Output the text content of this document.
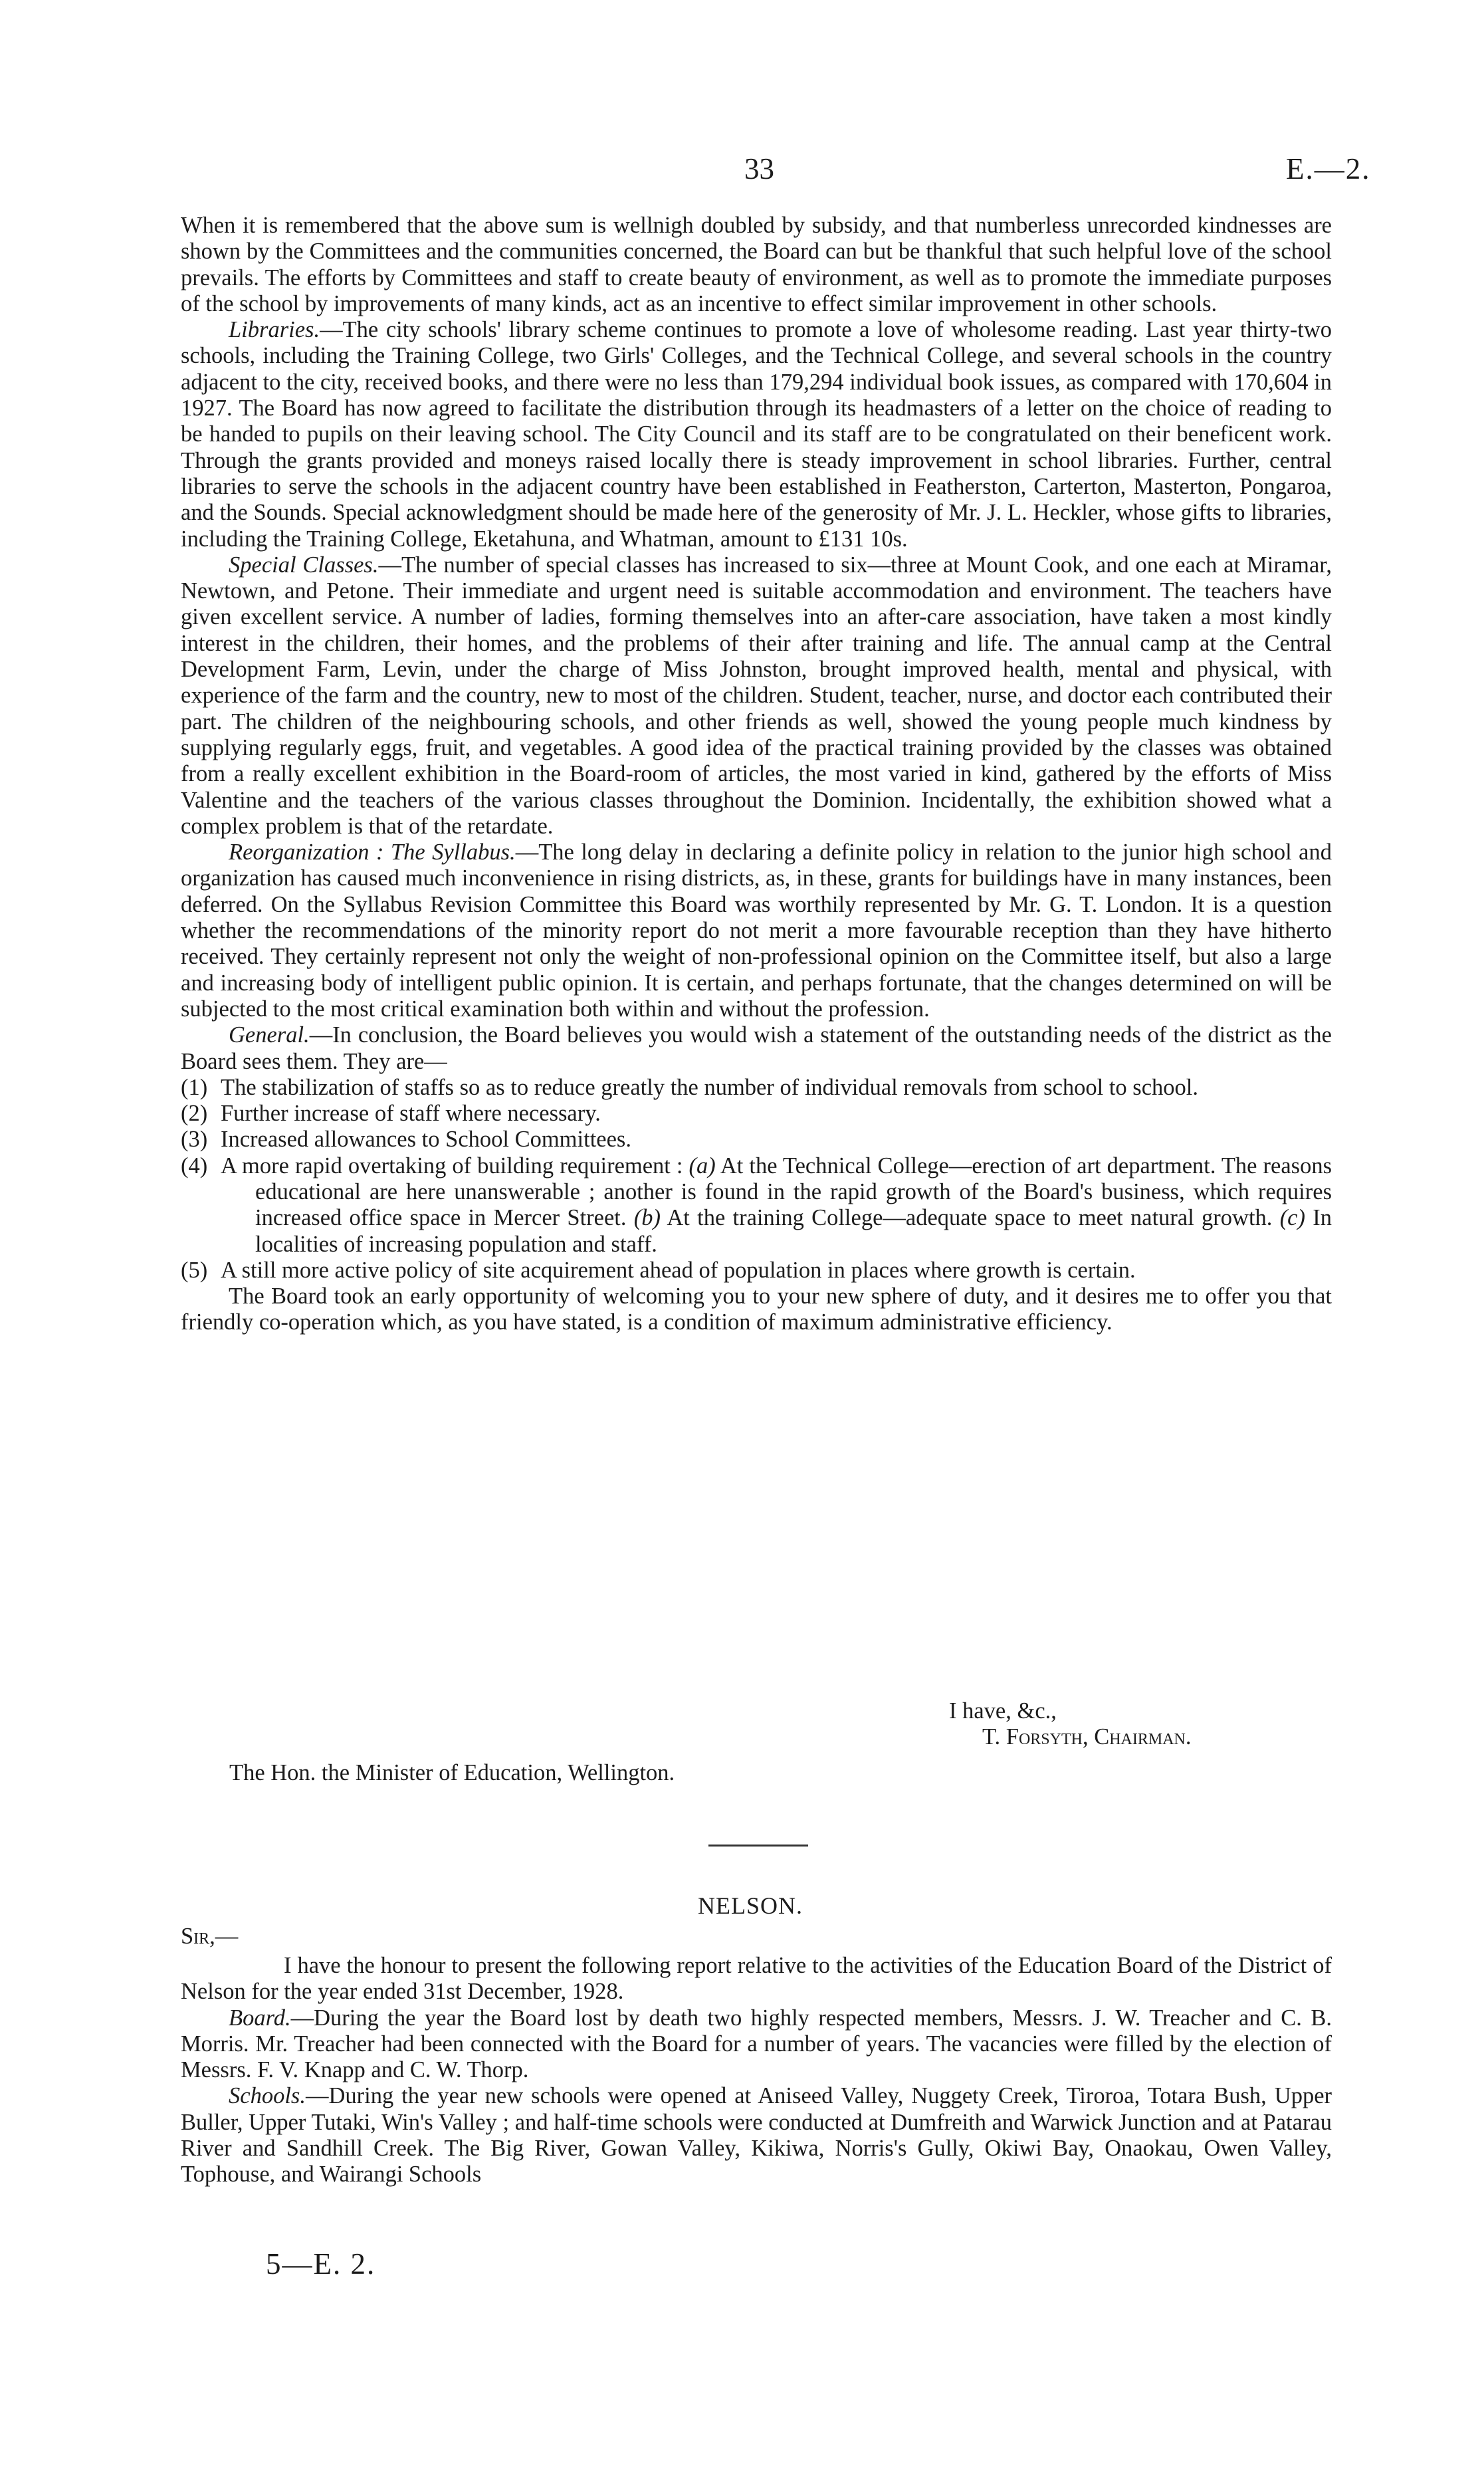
33	E.—2.

When it is remembered that the above sum is wellnigh doubled by subsidy, and that numberless unrecorded kindnesses are shown by the Committees and the communities concerned, the Board can but be thankful that such helpful love of the school prevails. The efforts by Committees and staff to create beauty of environment, as well as to promote the immediate purposes of the school by improvements of many kinds, act as an incentive to effect similar improvement in other schools.

Libraries.—The city schools' library scheme continues to promote a love of wholesome reading. Last year thirty-two schools, including the Training College, two Girls' Colleges, and the Technical College, and several schools in the country adjacent to the city, received books, and there were no less than 179,294 individual book issues, as compared with 170,604 in 1927. The Board has now agreed to facilitate the distribution through its headmasters of a letter on the choice of reading to be handed to pupils on their leaving school. The City Council and its staff are to be congratulated on their beneficent work. Through the grants provided and moneys raised locally there is steady improvement in school libraries. Further, central libraries to serve the schools in the adjacent country have been established in Featherston, Carterton, Masterton, Pongaroa, and the Sounds. Special acknowledgment should be made here of the generosity of Mr. J. L. Heckler, whose gifts to libraries, including the Training College, Eketahuna, and Whatman, amount to £131 10s.

Special Classes.—The number of special classes has increased to six—three at Mount Cook, and one each at Miramar, Newtown, and Petone. Their immediate and urgent need is suitable accommodation and environment. The teachers have given excellent service. A number of ladies, forming themselves into an after-care association, have taken a most kindly interest in the children, their homes, and the problems of their after training and life. The annual camp at the Central Development Farm, Levin, under the charge of Miss Johnston, brought improved health, mental and physical, with experience of the farm and the country, new to most of the children. Student, teacher, nurse, and doctor each contributed their part. The children of the neighbouring schools, and other friends as well, showed the young people much kindness by supplying regularly eggs, fruit, and vegetables. A good idea of the practical training provided by the classes was obtained from a really excellent exhibition in the Board-room of articles, the most varied in kind, gathered by the efforts of Miss Valentine and the teachers of the various classes throughout the Dominion. Incidentally, the exhibition showed what a complex problem is that of the retardate.

Reorganization : The Syllabus.—The long delay in declaring a definite policy in relation to the junior high school and organization has caused much inconvenience in rising districts, as, in these, grants for buildings have in many instances, been deferred. On the Syllabus Revision Committee this Board was worthily represented by Mr. G. T. London. It is a question whether the recommendations of the minority report do not merit a more favourable reception than they have hitherto received. They certainly represent not only the weight of non-professional opinion on the Committee itself, but also a large and increasing body of intelligent public opinion. It is certain, and perhaps fortunate, that the changes determined on will be subjected to the most critical examination both within and without the profession.

General.—In conclusion, the Board believes you would wish a statement of the outstanding needs of the district as the Board sees them. They are—

(1) The stabilization of staffs so as to reduce greatly the number of individual removals from school to school.

(2) Further increase of staff where necessary.

(3) Increased allowances to School Committees.

(4) A more rapid overtaking of building requirement : (a) At the Technical College—erection of art department. The reasons educational are here unanswerable ; another is found in the rapid growth of the Board's business, which requires increased office space in Mercer Street. (b) At the training College—adequate space to meet natural growth. (c) In localities of increasing population and staff.

(5) A still more active policy of site acquirement ahead of population in places where growth is certain.

The Board took an early opportunity of welcoming you to your new sphere of duty, and it desires me to offer you that friendly co-operation which, as you have stated, is a condition of maximum administrative efficiency.

I have, &c.,
T. Forsyth, Chairman.
The Hon. the Minister of Education, Wellington.
NELSON.
Sir,—

I have the honour to present the following report relative to the activities of the Education Board of the District of Nelson for the year ended 31st December, 1928.

Board.—During the year the Board lost by death two highly respected members, Messrs. J. W. Treacher and C. B. Morris. Mr. Treacher had been connected with the Board for a number of years. The vacancies were filled by the election of Messrs. F. V. Knapp and C. W. Thorp.

Schools.—During the year new schools were opened at Aniseed Valley, Nuggety Creek, Tiroroa, Totara Bush, Upper Buller, Upper Tutaki, Win's Valley ; and half-time schools were conducted at Dumfreith and Warwick Junction and at Patarau River and Sandhill Creek. The Big River, Gowan Valley, Kikiwa, Norris's Gully, Okiwi Bay, Onaokau, Owen Valley, Tophouse, and Wairangi Schools

5—E. 2.
